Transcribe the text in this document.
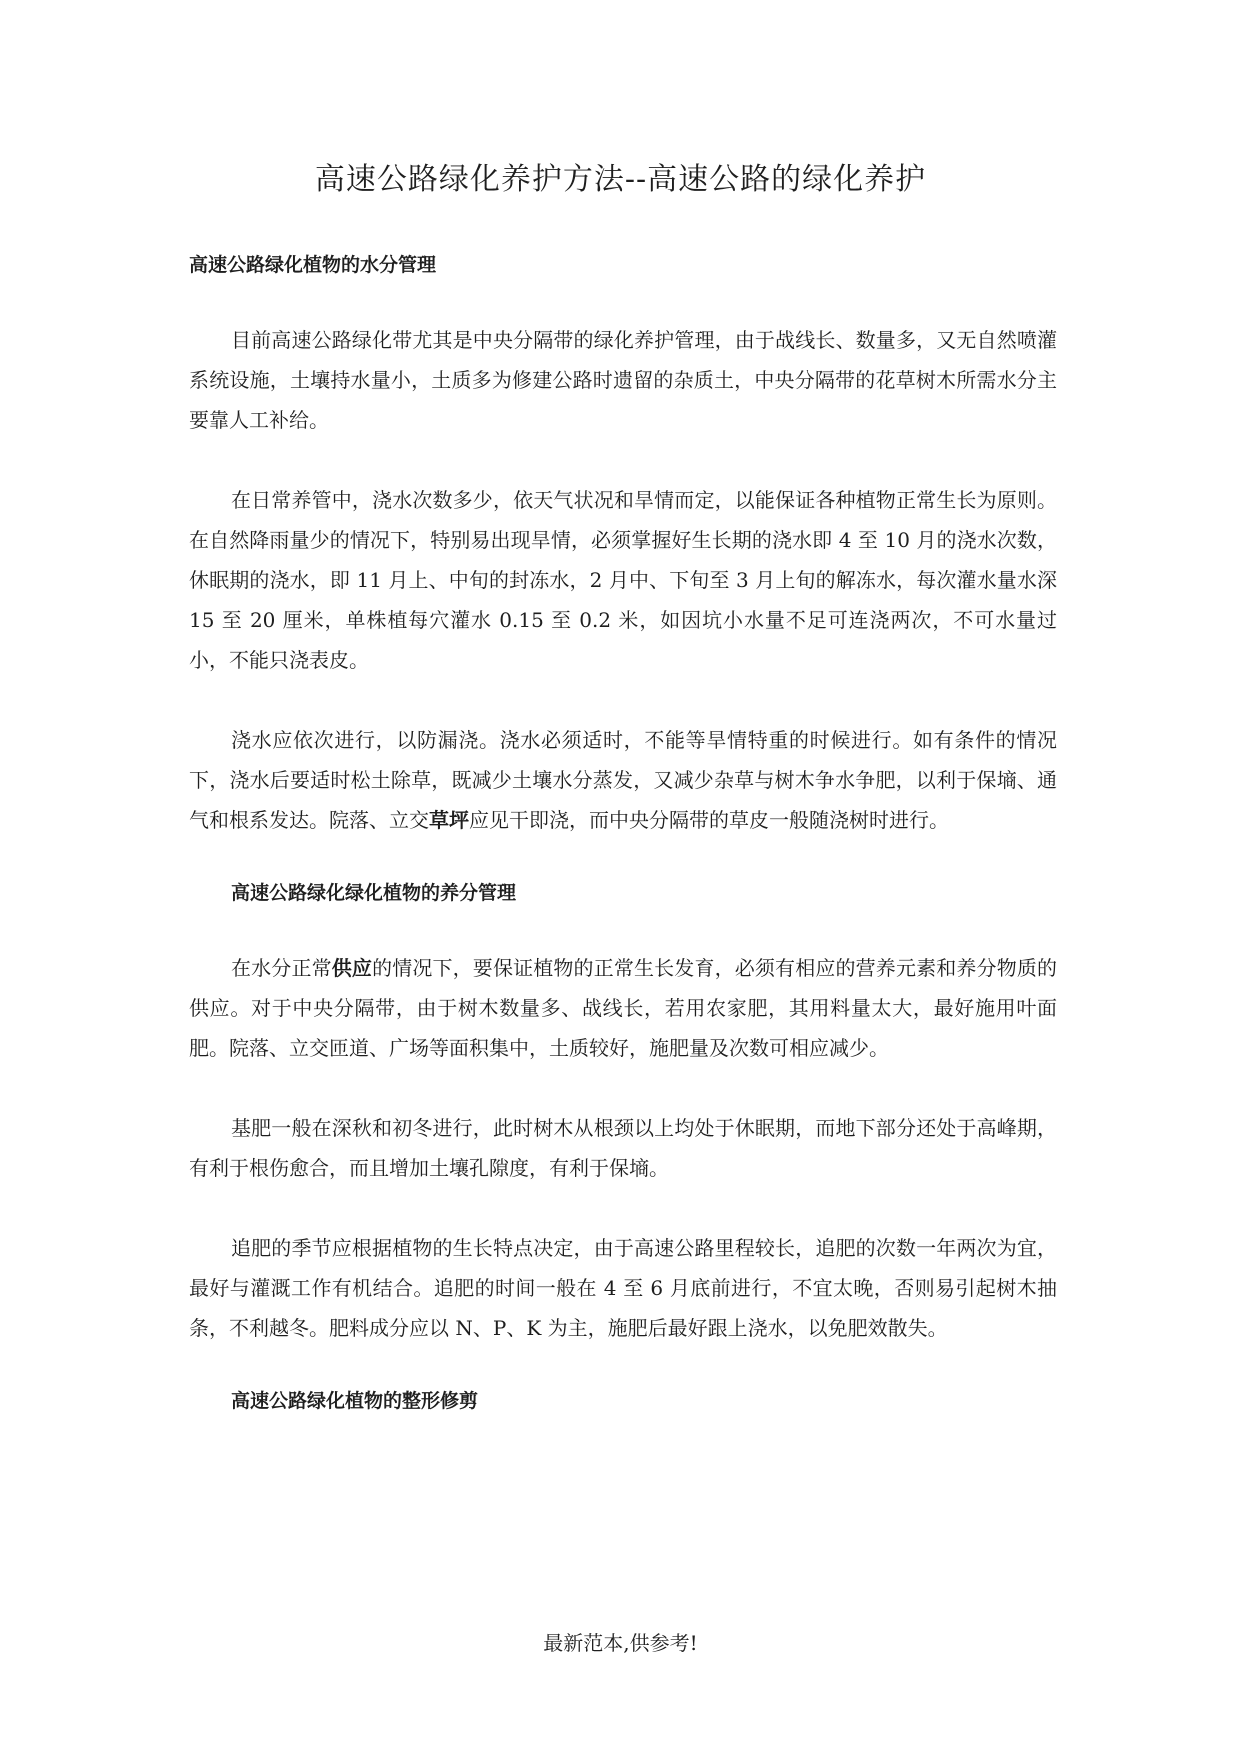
高速公路绿化养护方法--高速公路的绿化养护
高速公路绿化植物的水分管理

目前高速公路绿化带尤其是中央分隔带的绿化养护管理，由于战线长、数量多，又无自然喷灌系统设施，土壤持水量小，土质多为修建公路时遗留的杂质土，中央分隔带的花草树木所需水分主要靠人工补给。

在日常养管中，浇水次数多少，依天气状况和旱情而定，以能保证各种植物正常生长为原则。在自然降雨量少的情况下，特别易出现旱情，必须掌握好生长期的浇水即 4 至 10 月的浇水次数，休眠期的浇水，即 11 月上、中旬的封冻水，2 月中、下旬至 3 月上旬的解冻水，每次灌水量水深 15 至 20 厘米，单株植每穴灌水 0.15 至 0.2 米，如因坑小水量不足可连浇两次，不可水量过小，不能只浇表皮。

浇水应依次进行，以防漏浇。浇水必须适时，不能等旱情特重的时候进行。如有条件的情况下，浇水后要适时松土除草，既减少土壤水分蒸发，又减少杂草与树木争水争肥，以利于保墒、通气和根系发达。院落、立交草坪应见干即浇，而中央分隔带的草皮一般随浇树时进行。

高速公路绿化绿化植物的养分管理

在水分正常供应的情况下，要保证植物的正常生长发育，必须有相应的营养元素和养分物质的供应。对于中央分隔带，由于树木数量多、战线长，若用农家肥，其用料量太大，最好施用叶面肥。院落、立交匝道、广场等面积集中，土质较好，施肥量及次数可相应减少。

基肥一般在深秋和初冬进行，此时树木从根颈以上均处于休眠期，而地下部分还处于高峰期，有利于根伤愈合，而且增加土壤孔隙度，有利于保墒。

追肥的季节应根据植物的生长特点决定，由于高速公路里程较长，追肥的次数一年两次为宜，最好与灌溉工作有机结合。追肥的时间一般在 4 至 6 月底前进行，不宜太晚，否则易引起树木抽条，不利越冬。肥料成分应以 N、P、K 为主，施肥后最好跟上浇水，以免肥效散失。

高速公路绿化植物的整形修剪
最新范本,供参考!
